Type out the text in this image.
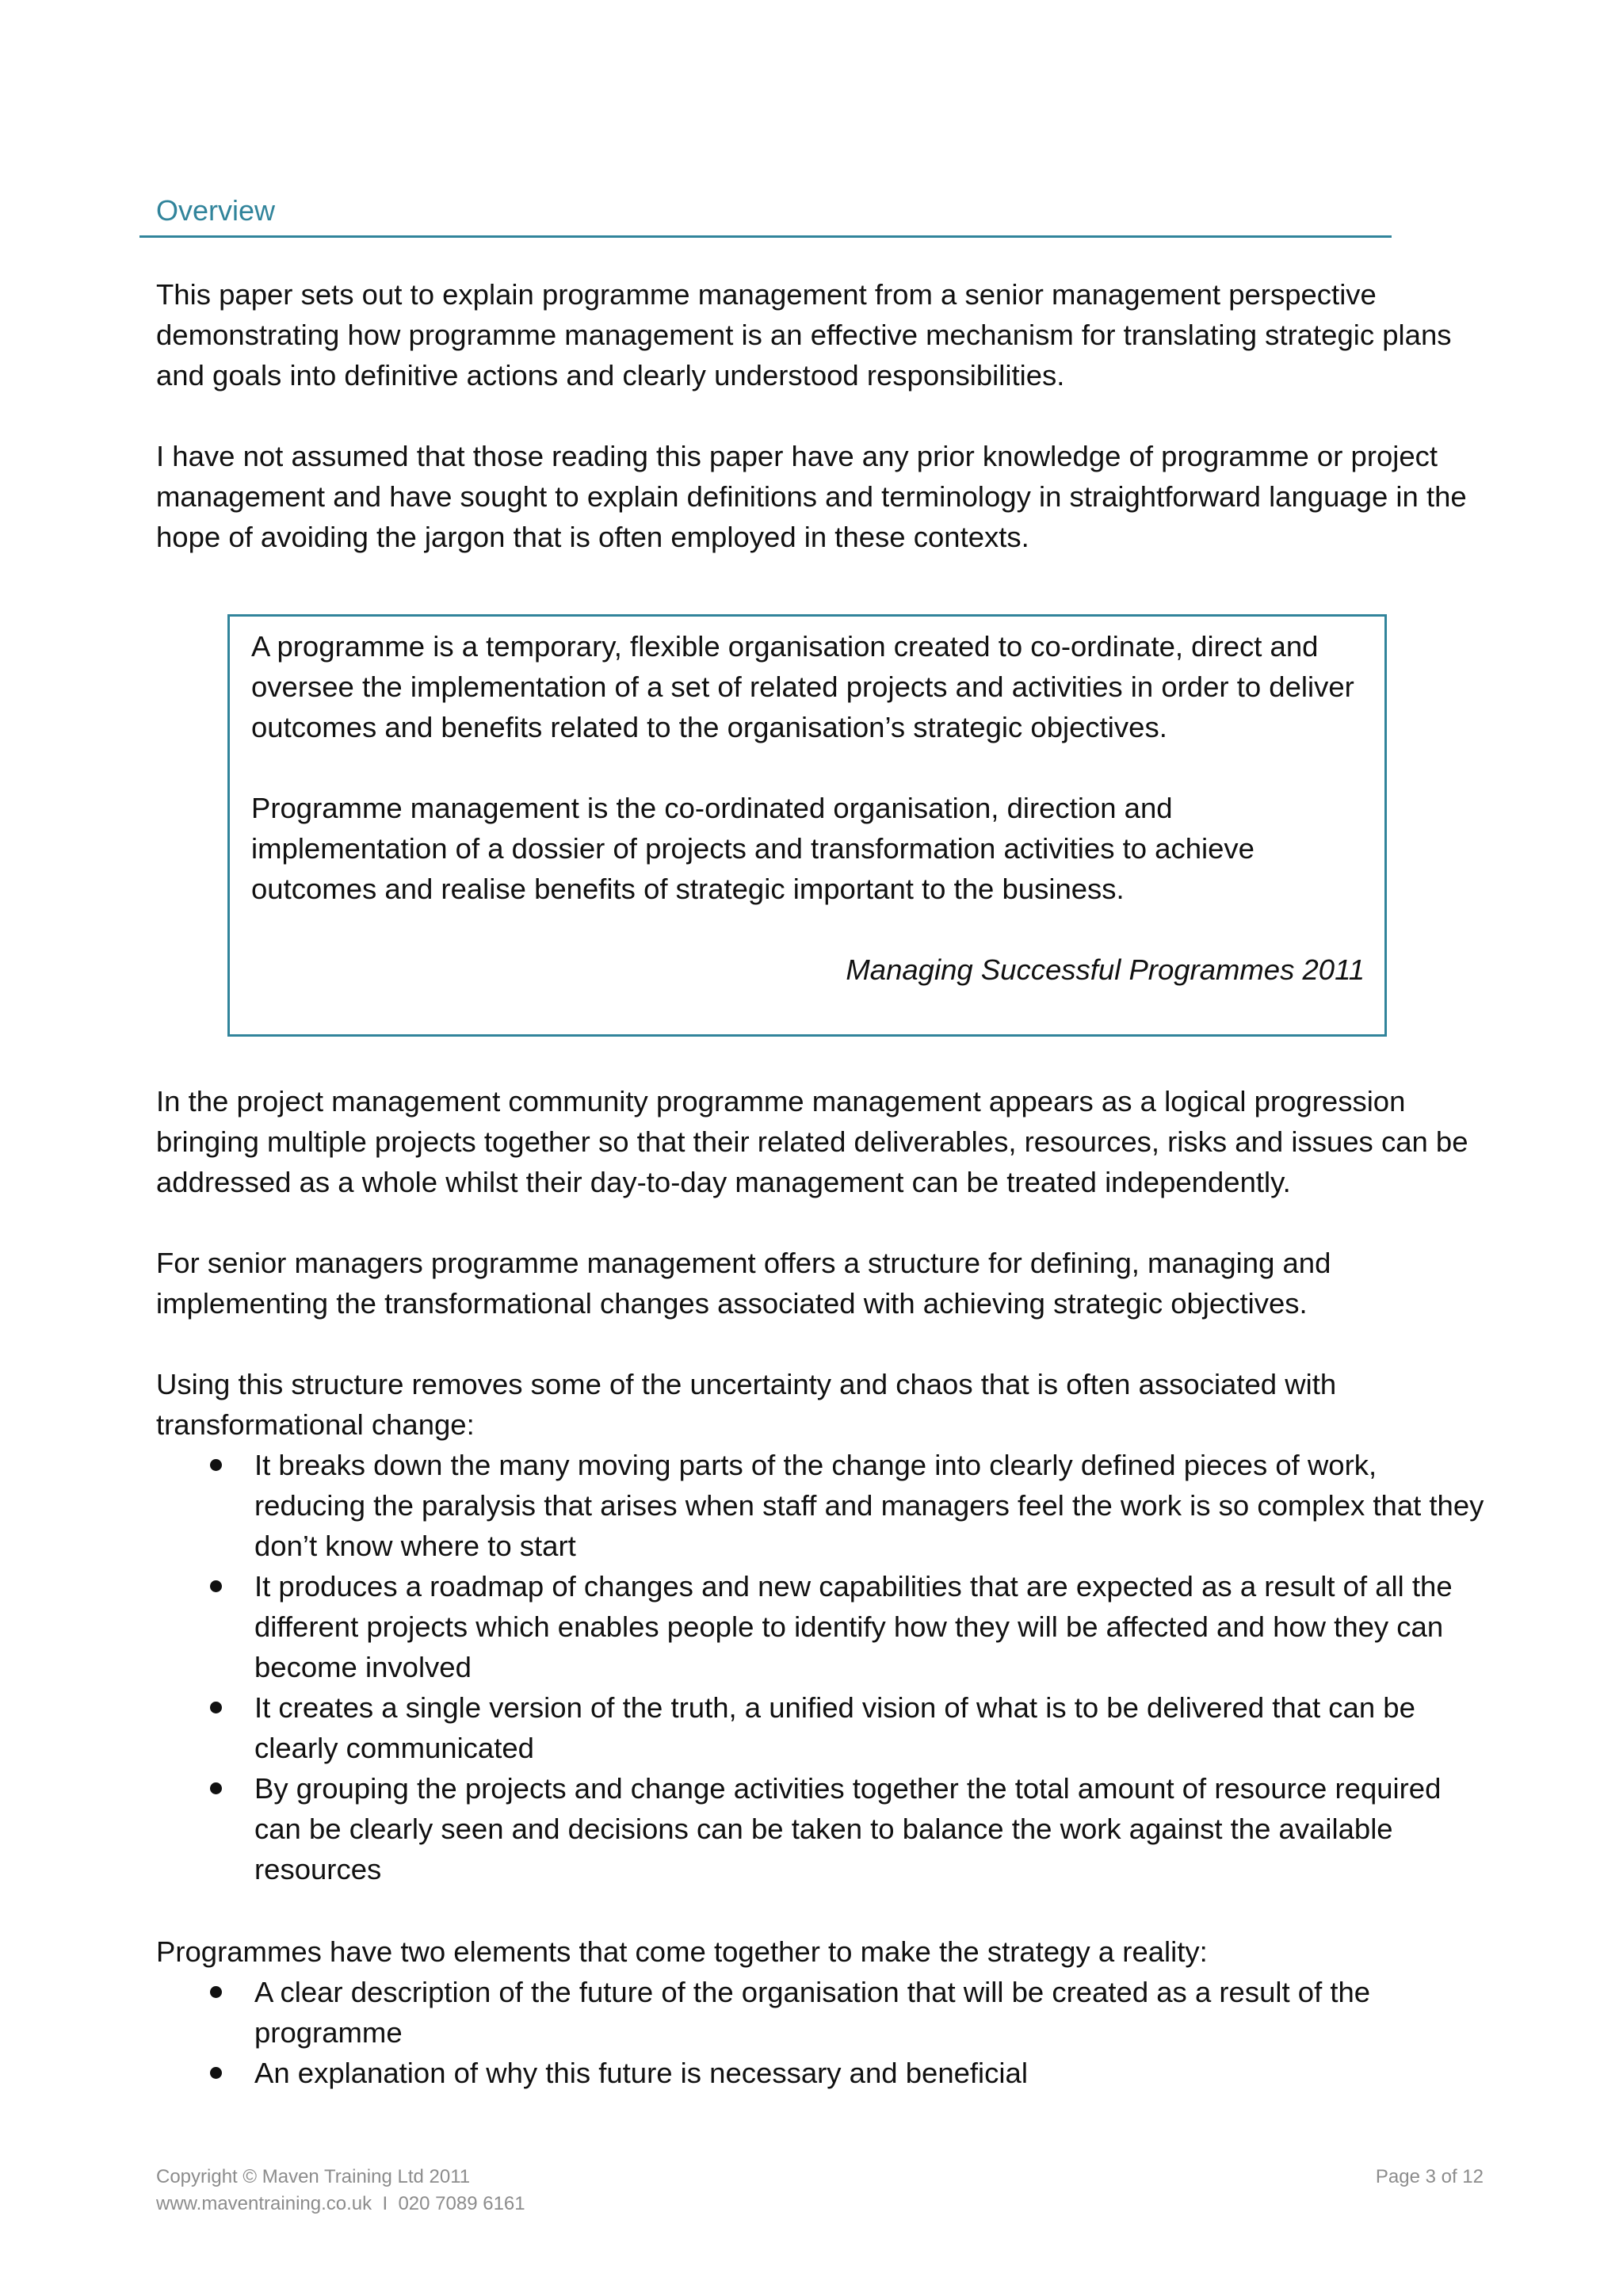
Overview

This paper sets out to explain programme management from a senior management perspective demonstrating how programme management is an effective mechanism for translating strategic plans and goals into definitive actions and clearly understood responsibilities.

I have not assumed that those reading this paper have any prior knowledge of programme or project management and have sought to explain definitions and terminology in straightforward language in the hope of avoiding the jargon that is often employed in these contexts.

A programme is a temporary, flexible organisation created to co-ordinate, direct and oversee the implementation of a set of related projects and activities in order to deliver outcomes and benefits related to the organisation’s strategic objectives.

Programme management is the co-ordinated organisation, direction and implementation of a dossier of projects and transformation activities to achieve outcomes and realise benefits of strategic important to the business.

Managing Successful Programmes 2011

In the project management community programme management appears as a logical progression bringing multiple projects together so that their related deliverables, resources, risks and issues can be addressed as a whole whilst their day-to-day management can be treated independently.

For senior managers programme management offers a structure for defining, managing and implementing the transformational changes associated with achieving strategic objectives.

Using this structure removes some of the uncertainty and chaos that is often associated with transformational change:

It breaks down the many moving parts of the change into clearly defined pieces of work, reducing the paralysis that arises when staff and managers feel the work is so complex that they don’t know where to start
It produces a roadmap of changes and new capabilities that are expected as a result of all the different projects which enables people to identify how they will be affected and how they can become involved
It creates a single version of the truth, a unified vision of what is to be delivered that can be clearly communicated
By grouping the projects and change activities together the total amount of resource required can be clearly seen and decisions can be taken to balance the work against the available resources

Programmes have two elements that come together to make the strategy a reality:

A clear description of the future of the organisation that will be created as a result of the programme
An explanation of why this future is necessary and beneficial

Copyright © Maven Training Ltd 2011

www.maventraining.co.uk  I  020 7089 6161

Page 3 of 12
